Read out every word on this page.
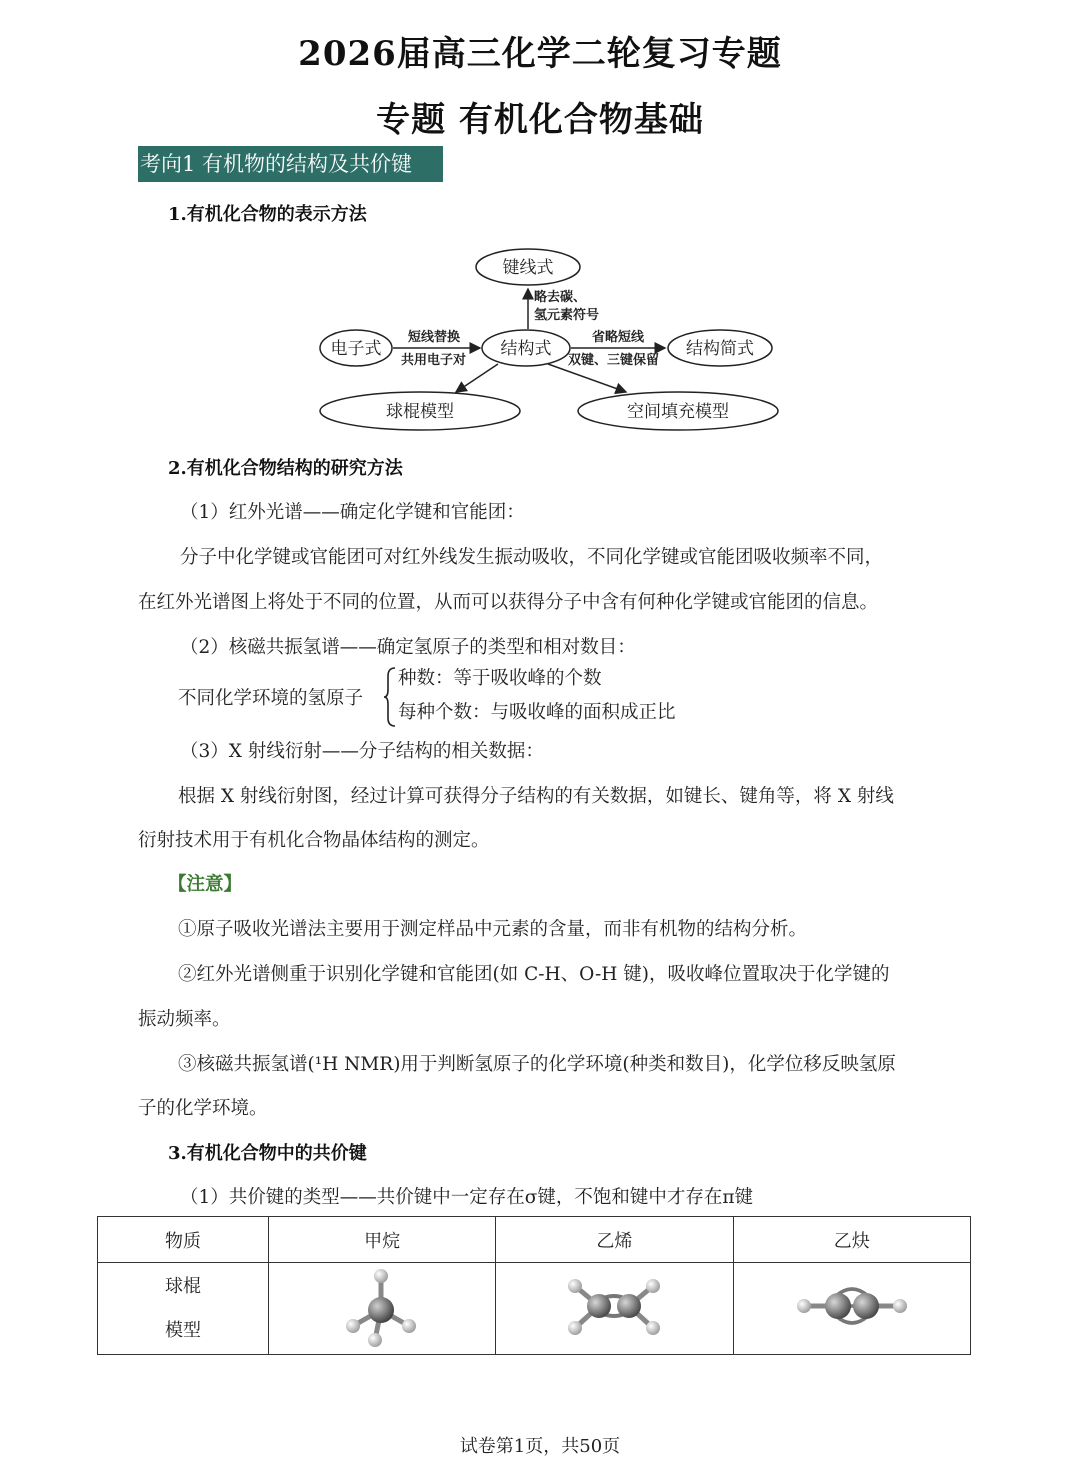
2026届高三化学二轮复习专题
专题 有机化合物基础
考向1 有机物的结构及共价键
1.有机化合物的表示方法
键线式
电子式	结构式	结构简式
球棍模型	空间填充模型
略去碳、
氢元素符号
短线替换
共用电子对
省略短线
双键、三键保留
2.有机化合物结构的研究方法
（1）红外光谱——确定化学键和官能团：
分子中化学键或官能团可对红外线发生振动吸收，不同化学键或官能团吸收频率不同，
在红外光谱图上将处于不同的位置，从而可以获得分子中含有何种化学键或官能团的信息。
（2）核磁共振氢谱——确定氢原子的类型和相对数目：
不同化学环境的氢原子
种数：等于吸收峰的个数
每种个数：与吸收峰的面积成正比
（3）X 射线衍射——分子结构的相关数据：
根据 X 射线衍射图，经过计算可获得分子结构的有关数据，如键长、键角等，将 X 射线
衍射技术用于有机化合物晶体结构的测定。
【注意】
①原子吸收光谱法主要用于测定样品中元素的含量，而非有机物的结构分析。
②红外光谱侧重于识别化学键和官能团(如 C-H、O-H 键)，吸收峰位置取决于化学键的
振动频率。
③核磁共振氢谱(¹H NMR)用于判断氢原子的化学环境(种类和数目)，化学位移反映氢原
子的化学环境。
3.有机化合物中的共价键
（1）共价键的类型——共价键中一定存在σ键，不饱和键中才存在π键
物质	甲烷	乙烯	乙炔

球棍
模型

试卷第1页，共50页
